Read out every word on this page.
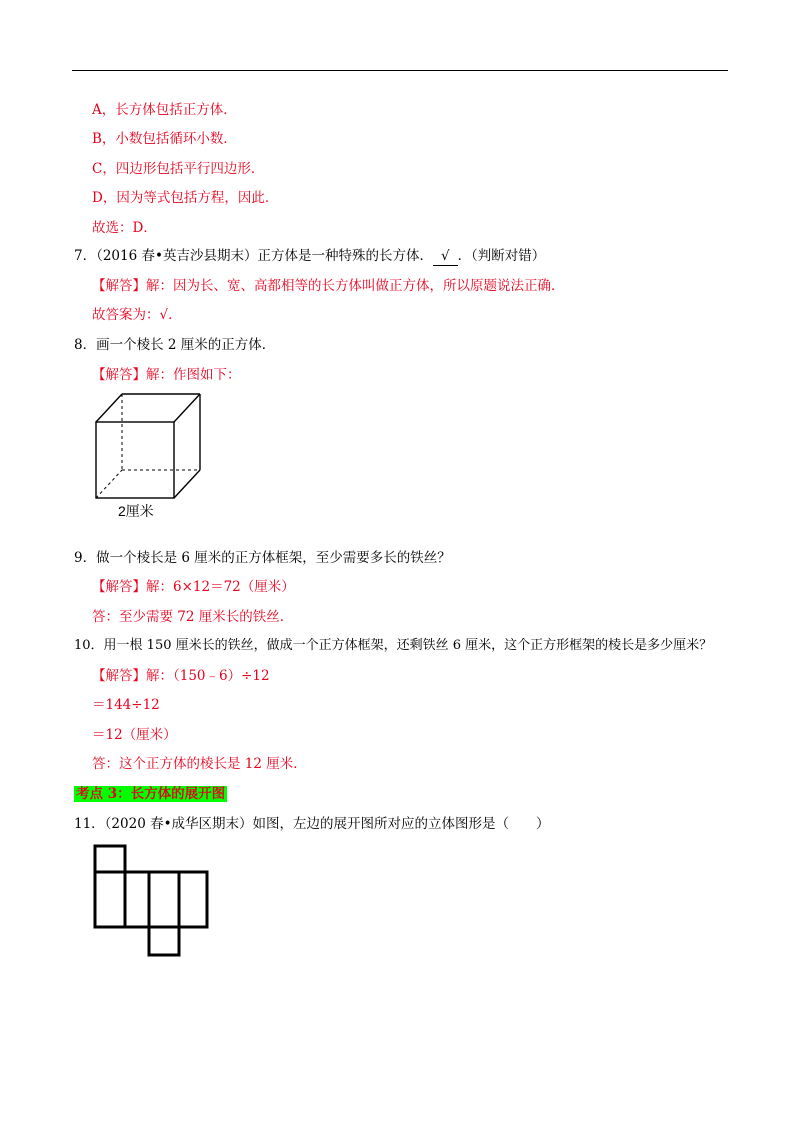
A，长方体包括正方体．
B，小数包括循环小数．
C，四边形包括平行四边形．
D，因为等式包括方程，因此．
故选：D．
7．（2016 春•英吉沙县期末）正方体是一种特殊的长方体． √ ．（判断对错）
【解答】解：因为长、宽、高都相等的长方体叫做正方体，所以原题说法正确．
故答案为：√．
8．画一个棱长 2 厘米的正方体．
【解答】解：作图如下：
2厘米
9．做一个棱长是 6 厘米的正方体框架，至少需要多长的铁丝？
【解答】解：6×12＝72（厘米）
答：至少需要 72 厘米长的铁丝．
10．用一根 150 厘米长的铁丝，做成一个正方体框架，还剩铁丝 6 厘米，这个正方形框架的棱长是多少厘米？
【解答】解：（150﹣6）÷12
＝144÷12
＝12（厘米）
答：这个正方体的棱长是 12 厘米．
考点 3：长方体的展开图
11．（2020 春•成华区期末）如图，左边的展开图所对应的立体图形是（　　）
